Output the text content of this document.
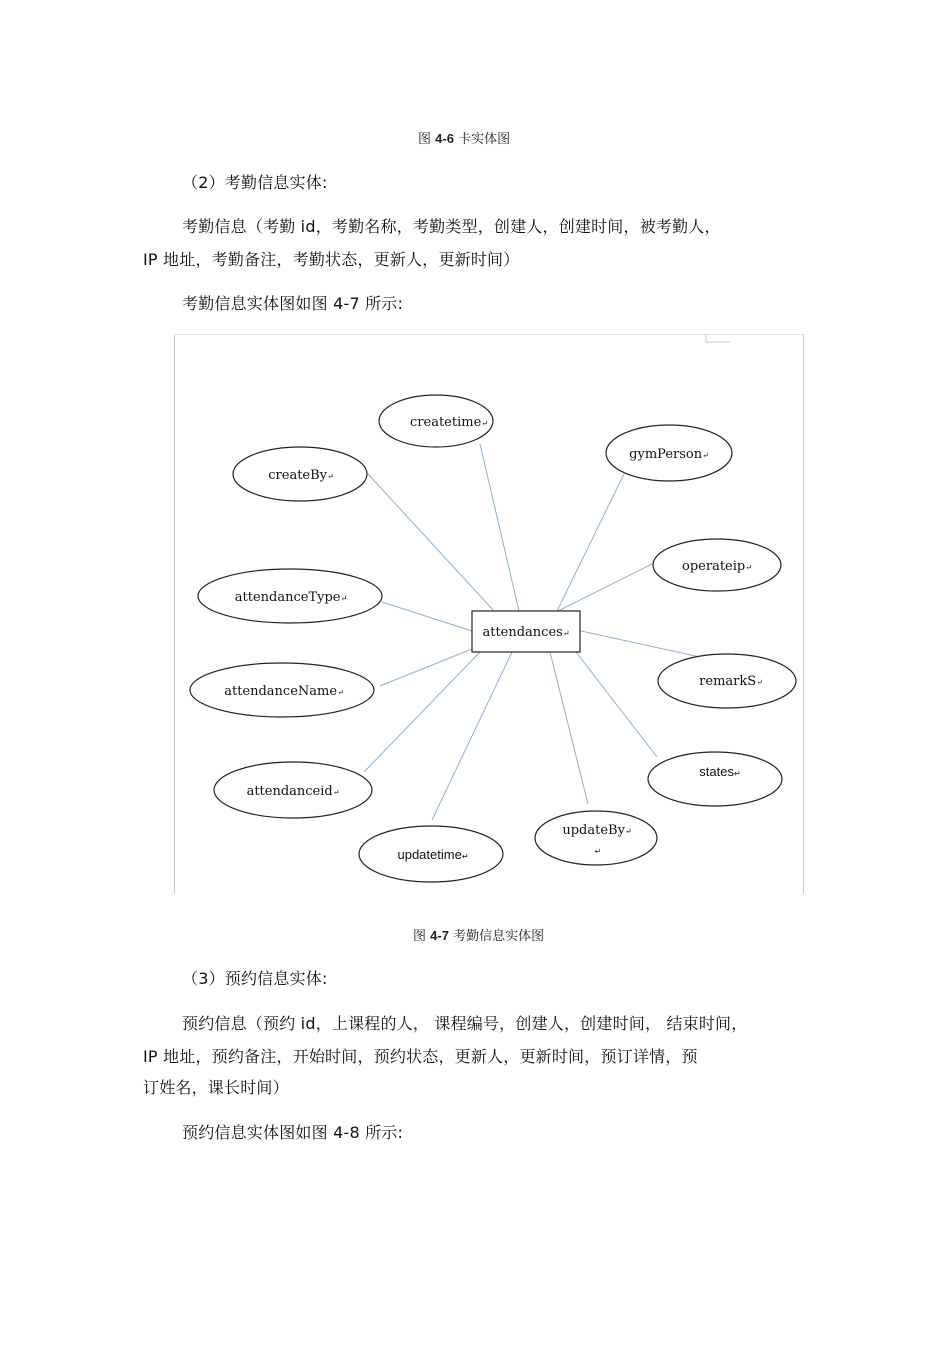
图 4-6 卡实体图
（2）考勤信息实体:
考勤信息（考勤 id，考勤名称，考勤类型，创建人，创建时间，被考勤人，
IP 地址，考勤备注，考勤状态，更新人，更新时间）
考勤信息实体图如图 4-7 所示:
attendances↵
createtime↵
gymPerson↵
createBy↵
operateip↵
attendanceType↵
remarkS↵
attendanceName↵
states↵
attendanceid↵
updateBy↵
↵
updatetime↵
图 4-7 考勤信息实体图
（3）预约信息实体:
预约信息（预约 id，上课程的人， 课程编号，创建人，创建时间， 结束时间，
IP 地址，预约备注，开始时间，预约状态，更新人，更新时间，预订详情，预
订姓名，课长时间）
预约信息实体图如图 4-8 所示:
